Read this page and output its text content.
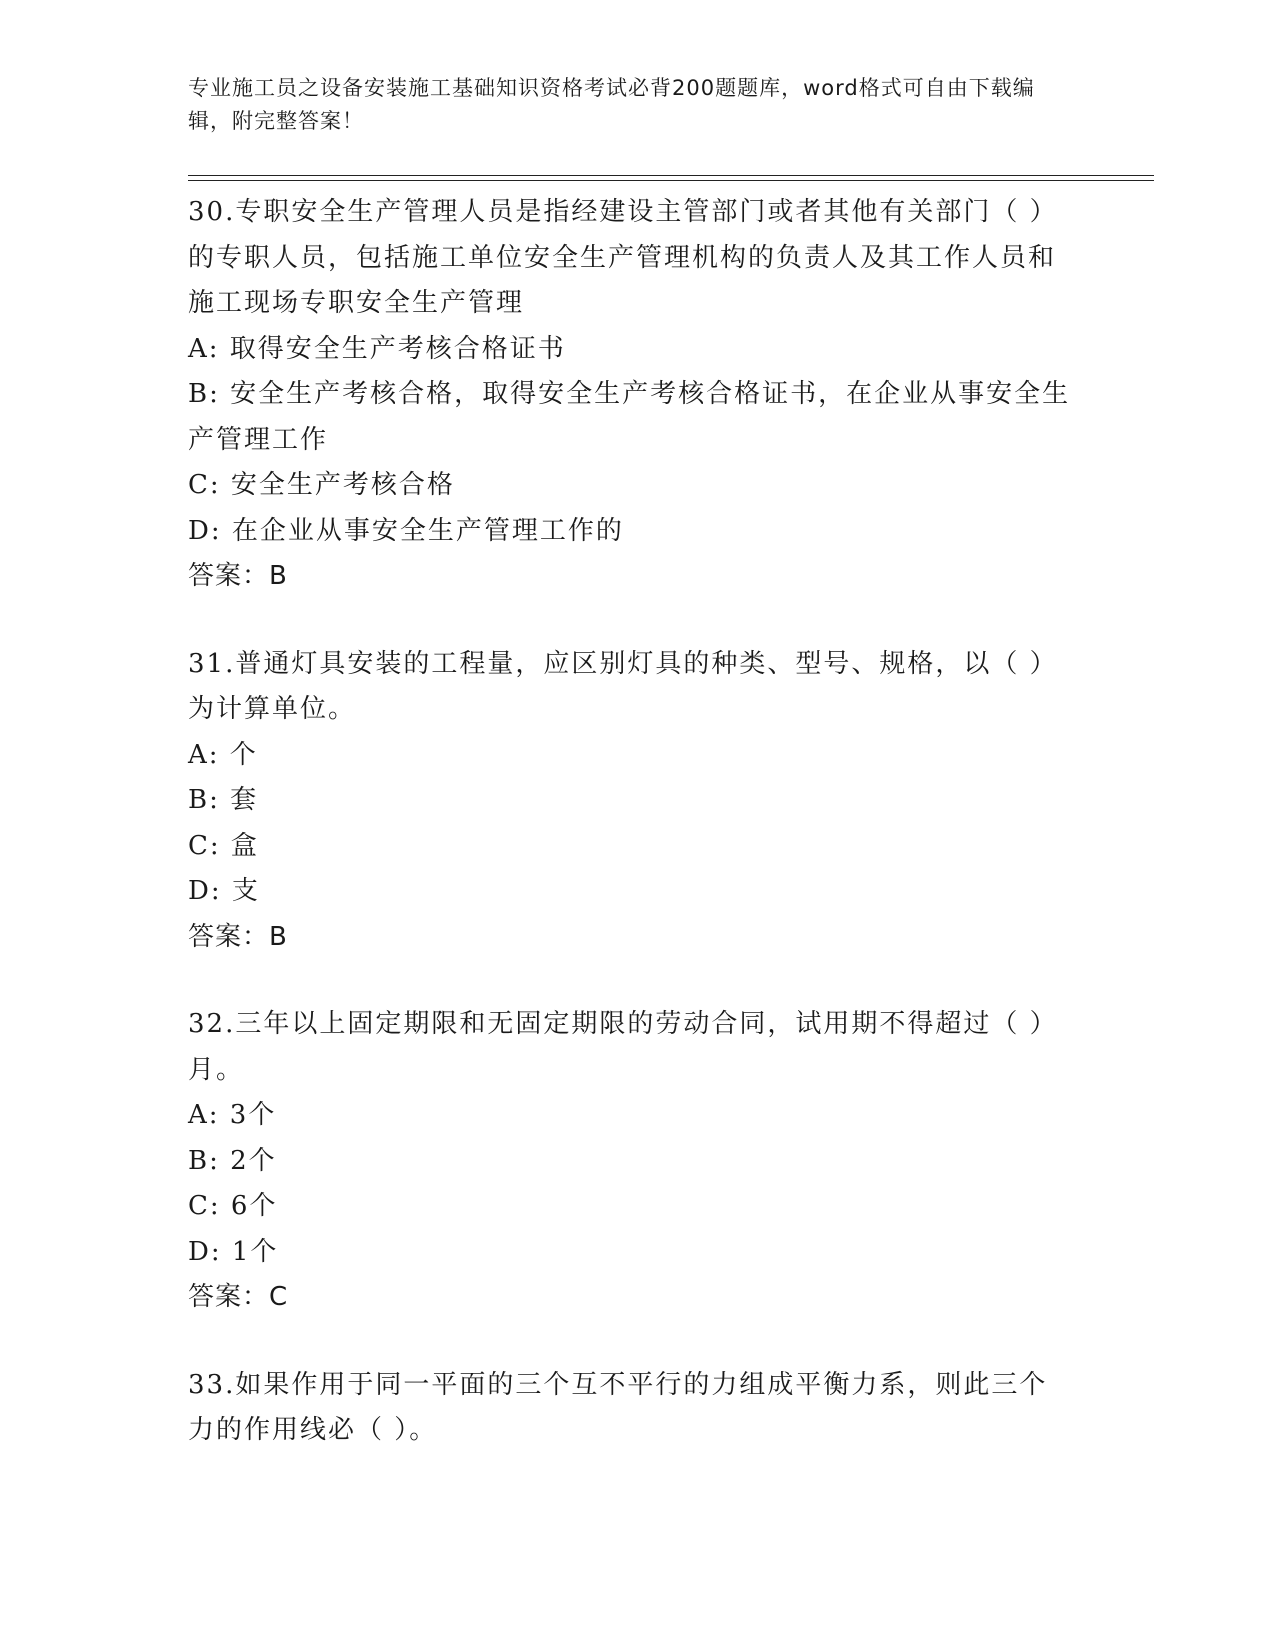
专业施工员之设备安装施工基础知识资格考试必背200题题库，word格式可自由下载编辑，附完整答案！

30.专职安全生产管理人员是指经建设主管部门或者其他有关部门（ ）的专职人员，包括施工单位安全生产管理机构的负责人及其工作人员和施工现场专职安全生产管理

A: 取得安全生产考核合格证书

B: 安全生产考核合格，取得安全生产考核合格证书，在企业从事安全生产管理工作

C: 安全生产考核合格

D: 在企业从事安全生产管理工作的

答案：B

31.普通灯具安装的工程量，应区别灯具的种类、型号、规格，以（ ）为计算单位。

A: 个

B: 套

C: 盒

D: 支

答案：B

32.三年以上固定期限和无固定期限的劳动合同，试用期不得超过（ ）月。

A: 3个

B: 2个

C: 6个

D: 1个

答案：C

33.如果作用于同一平面的三个互不平行的力组成平衡力系，则此三个力的作用线必（ ）。
